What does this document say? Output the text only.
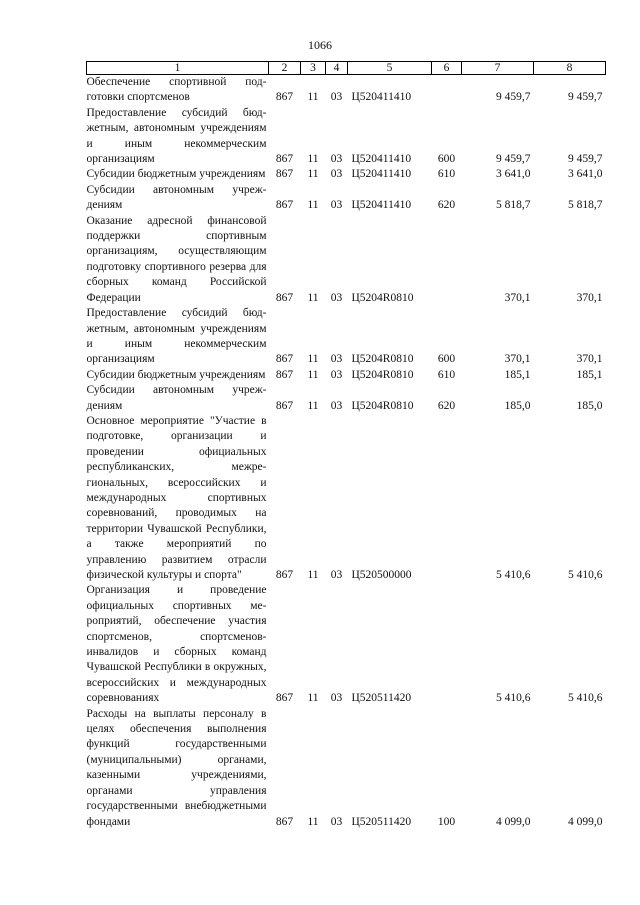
1066
1	2	3	4	5	6	7	8
Обеспечение спортивной подготовки спортсменов	867	11	03	Ц520411410		9 459,7	9 459,7
Предоставление субсидий бюджетным, автономным учреждениям и иным некоммерческим организациям	867	11	03	Ц520411410	600	9 459,7	9 459,7
Субсидии бюджетным учреждениям	867	11	03	Ц520411410	610	3 641,0	3 641,0
Субсидии автономным учреждениям	867	11	03	Ц520411410	620	5 818,7	5 818,7
Оказание адресной финансовой поддержки спортивным организациям, осуществляющим подготовку спортивного резерва для сборных команд Российской Федерации	867	11	03	Ц5204R0810		370,1	370,1
Предоставление субсидий бюджетным, автономным учреждениям и иным некоммерческим организациям	867	11	03	Ц5204R0810	600	370,1	370,1
Субсидии бюджетным учреждениям	867	11	03	Ц5204R0810	610	185,1	185,1
Субсидии автономным учреждениям	867	11	03	Ц5204R0810	620	185,0	185,0
Основное мероприятие "Участие в подготовке, организации и проведении официальных республиканских, межрегиональных, всероссийских и международных спортивных соревнований, проводимых на территории Чувашской Республики, а также мероприятий по управлению развитием отрасли физической культуры и спорта"	867	11	03	Ц520500000		5 410,6	5 410,6
Организация и проведение официальных спортивных мероприятий, обеспечение участия спортсменов, спортсменов-инвалидов и сборных команд Чувашской Республики в окружных, всероссийских и международных соревнованиях	867	11	03	Ц520511420		5 410,6	5 410,6
Расходы на выплаты персоналу в целях обеспечения выполнения функций государственными (муниципальными) органами, казенными учреждениями, органами управления государственными внебюджетными фондами	867	11	03	Ц520511420	100	4 099,0	4 099,0
